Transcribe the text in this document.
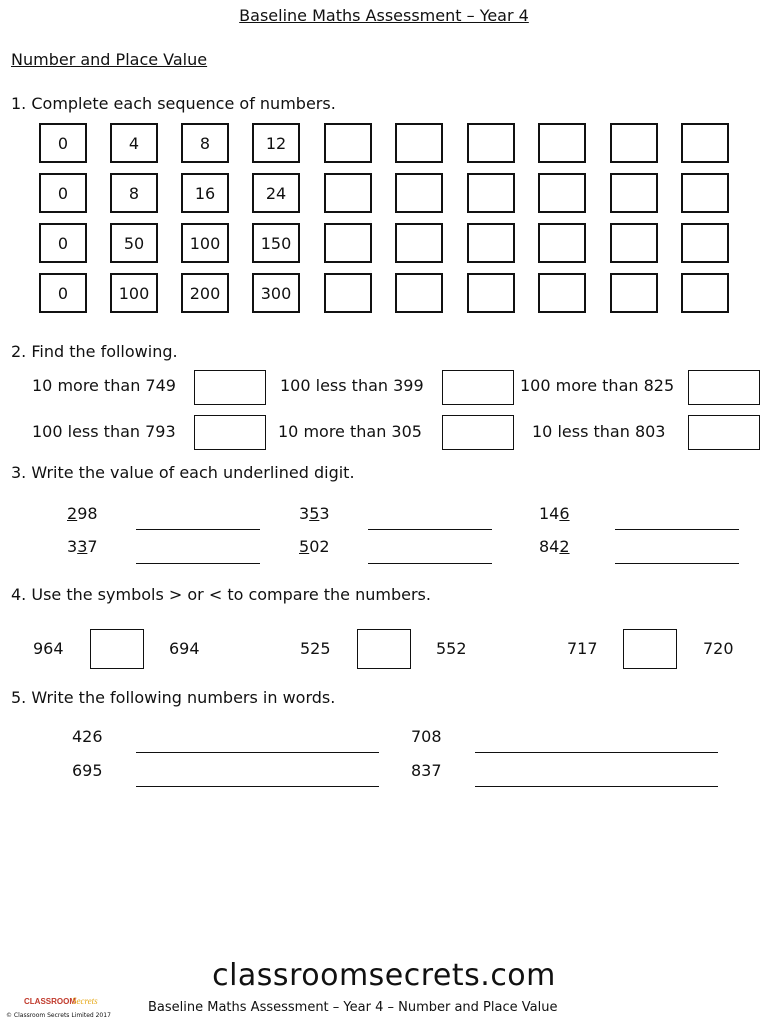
Baseline Maths Assessment – Year 4
Number and Place Value
1. Complete each sequence of numbers.
0	4	8	12
0	8	16	24
0	50	100	150
0	100	200	300
2. Find the following.
10 more than 749	100 less than 399	100 more than 825
100 less than 793	10 more than 305	10 less than 803
3. Write the value of each underlined digit.
298	353	146
337	502	842
4. Use the symbols > or < to compare the numbers.
964	694	525	552	717	720
5. Write the following numbers in words.
426	708
695	837
classroomsecrets.com
CLASSROOM
Secrets
© Classroom Secrets Limited 2017
Baseline Maths Assessment – Year 4 – Number and Place Value
